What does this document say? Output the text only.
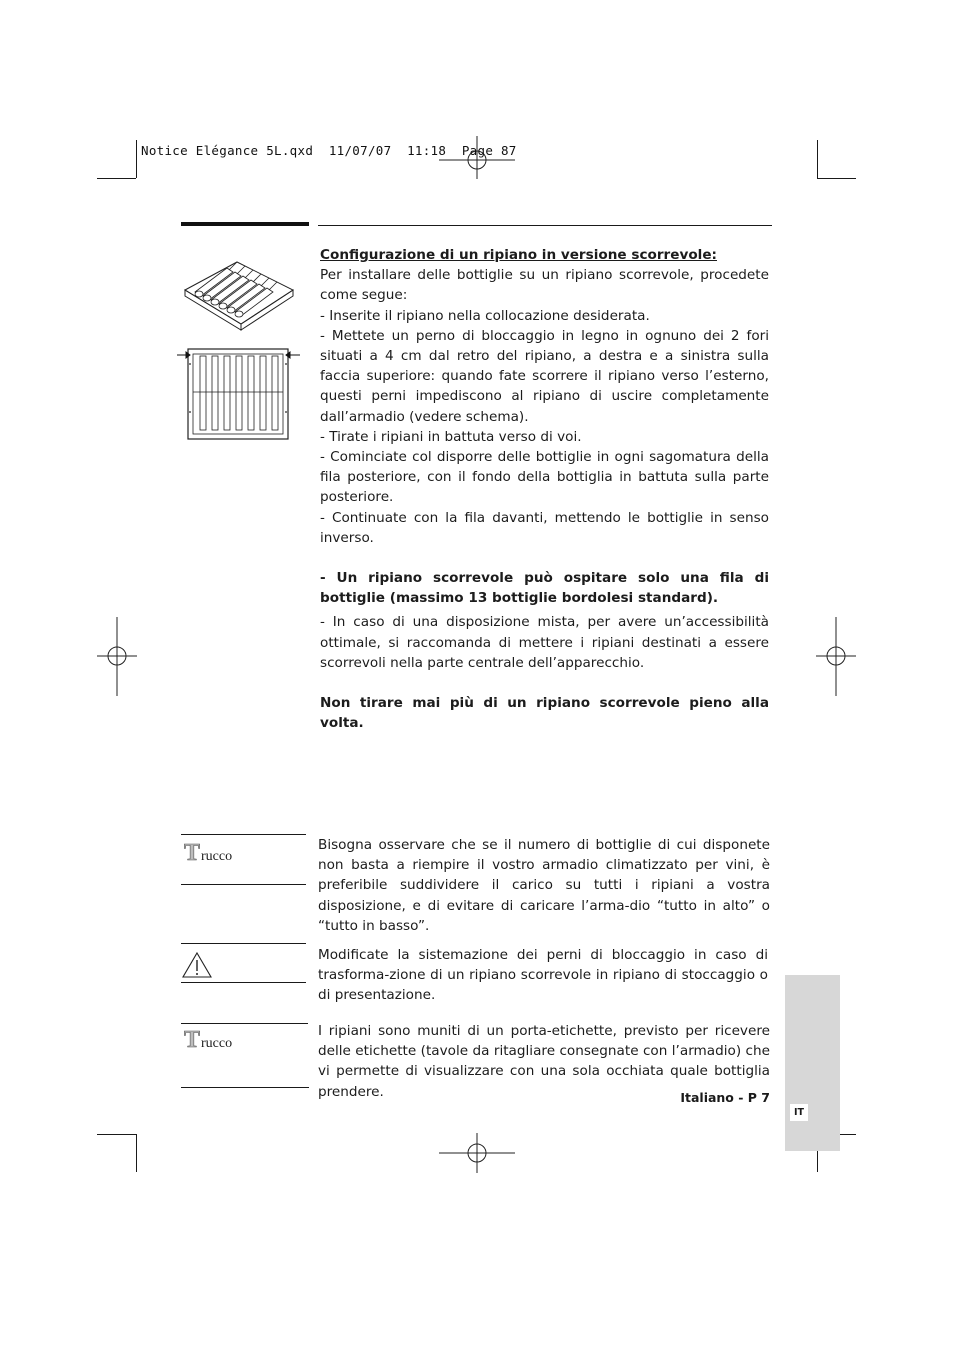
Notice Elégance 5L.qxd  11/07/07  11:18  Page 87

Configurazione di un ripiano in versione scorrevole:

Per installare delle bottiglie su un ripiano scorrevole, procedete come segue:

- Inserite il ripiano nella collocazione desiderata.

- Mettete un perno di bloccaggio in legno in ognuno dei 2 fori situati a 4 cm dal retro del ripiano, a destra e a sinistra sulla faccia superiore: quando fate scorrere il ripiano verso l’esterno, questi perni impediscono al ripiano di uscire completamente dall’armadio (vedere schema).

- Tirate i ripiani in battuta verso di voi.

- Cominciate col disporre delle bottiglie in ogni sagomatura della fila posteriore, con il fondo della bottiglia in battuta sulla parte posteriore.

- Continuate con la fila davanti, mettendo le bottiglie in senso inverso.

- Un ripiano scorrevole può ospitare solo una fila di bottiglie (massimo 13 bottiglie bordolesi standard).

- In caso di una disposizione mista, per avere un’accessibilità ottimale, si raccomanda di mettere i ripiani destinati a essere scorrevoli nella parte centrale dell’apparecchio.

Non tirare mai più di un ripiano scorrevole pieno alla volta.

Trucco
Bisogna osservare che se il numero di bottiglie di cui disponete non basta a riempire il vostro armadio climatizzato per vini, è preferibile suddividere il carico su tutti i ripiani a vostra disposizione, e di evitare di caricare l’arma-dio “tutto in alto” o “tutto in basso”.
Modificate la sistemazione dei perni di bloccaggio in caso di trasforma-zione di un ripiano scorrevole in ripiano di stoccaggio o di presentazione.
Trucco
I ripiani sono muniti di un porta-etichette, previsto per ricevere delle etichette (tavole da ritagliare consegnate con l’armadio) che vi permette di visualizzare con una sola occhiata quale bottiglia prendere.	Italiano - P 7
IT
